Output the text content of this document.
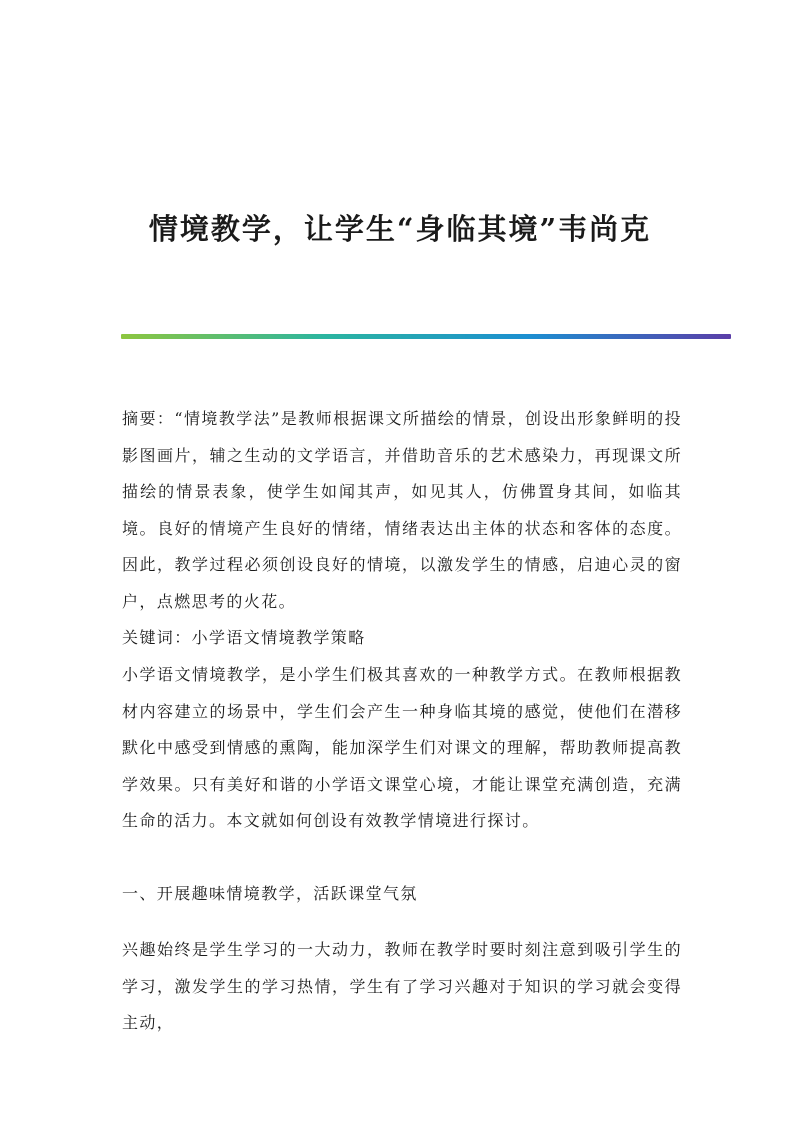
情境教学，让学生“身临其境”韦尚克

摘要：“情境教学法”是教师根据课文所描绘的情景，创设出形象鲜明的投影图画片，辅之生动的文学语言，并借助音乐的艺术感染力，再现课文所描绘的情景表象，使学生如闻其声，如见其人，仿佛置身其间，如临其境。良好的情境产生良好的情绪，情绪表达出主体的状态和客体的态度。因此，教学过程必须创设良好的情境，以激发学生的情感，启迪心灵的窗户，点燃思考的火花。

关键词：小学语文情境教学策略

小学语文情境教学，是小学生们极其喜欢的一种教学方式。在教师根据教材内容建立的场景中，学生们会产生一种身临其境的感觉，使他们在潜移默化中感受到情感的熏陶，能加深学生们对课文的理解，帮助教师提高教学效果。只有美好和谐的小学语文课堂心境，才能让课堂充满创造，充满生命的活力。本文就如何创设有效教学情境进行探讨。

一、开展趣味情境教学，活跃课堂气氛

兴趣始终是学生学习的一大动力，教师在教学时要时刻注意到吸引学生的学习，激发学生的学习热情，学生有了学习兴趣对于知识的学习就会变得主动，
